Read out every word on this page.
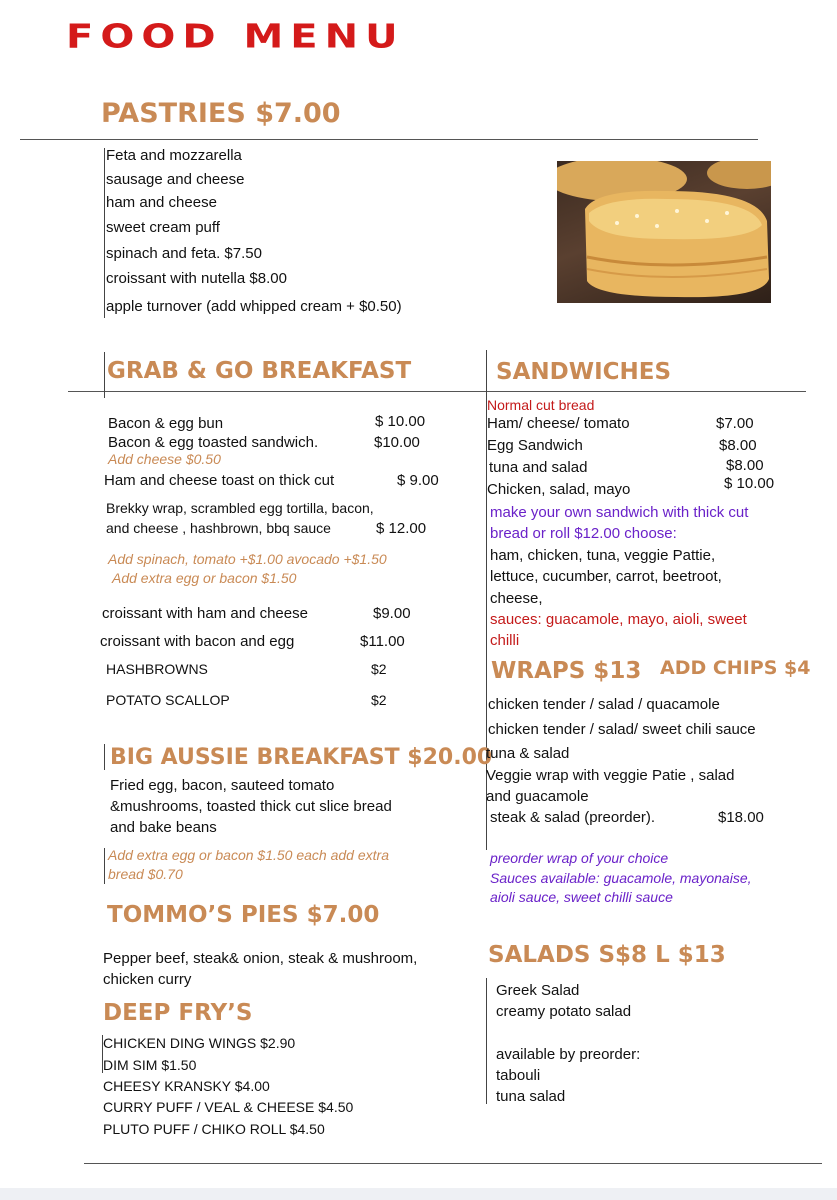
FOOD MENU
PASTRIES $7.00
Feta and mozzarella
sausage and cheese
ham and cheese
sweet cream puff
spinach and feta. $7.50
croissant with nutella $8.00
apple turnover (add whipped cream + $0.50)
GRAB & GO BREAKFAST
Bacon & egg bun	$ 10.00
Bacon & egg toasted sandwich.	$10.00
Add cheese $0.50
Ham and cheese toast on thick cut	$ 9.00
Brekky wrap, scrambled egg tortilla, bacon,
and cheese , hashbrown, bbq sauce	$ 12.00
Add spinach, tomato +$1.00 avocado +$1.50
Add extra egg or bacon $1.50
croissant with ham and cheese	$9.00
croissant with bacon and egg	$11.00
HASHBROWNS	$2
POTATO SCALLOP	$2
BIG AUSSIE BREAKFAST $20.00
Fried egg, bacon, sauteed tomato
&mushrooms, toasted thick cut slice bread
and bake beans
Add extra egg or bacon $1.50 each add extra
bread $0.70
TOMMO’S PIES $7.00
Pepper beef, steak& onion, steak & mushroom,
chicken curry
DEEP FRY’S
CHICKEN DING WINGS $2.90
DIM SIM $1.50
CHEESY KRANSKY $4.00
CURRY PUFF / VEAL & CHEESE $4.50
PLUTO PUFF / CHIKO ROLL $4.50
SANDWICHES
Normal cut bread
Ham/ cheese/ tomato	$7.00
Egg Sandwich	$8.00
tuna and salad	$8.00
Chicken, salad, mayo	$ 10.00
make your own sandwich with thick cut
bread or roll $12.00 choose:
ham, chicken, tuna, veggie Pattie,
lettuce, cucumber, carrot, beetroot,
cheese,
sauces: guacamole, mayo, aioli, sweet
chilli
WRAPS $13 ADD CHIPS $4
chicken tender / salad / quacamole
chicken tender / salad/ sweet chili sauce
tuna & salad
Veggie wrap with veggie Patie , salad
and guacamole
steak & salad (preorder).	$18.00
preorder wrap of your choice
Sauces available: guacamole, mayonaise,
aioli sauce, sweet chilli sauce
SALADS S$8 L $13
Greek Salad
creamy potato salad
available by preorder:
tabouli
tuna salad
